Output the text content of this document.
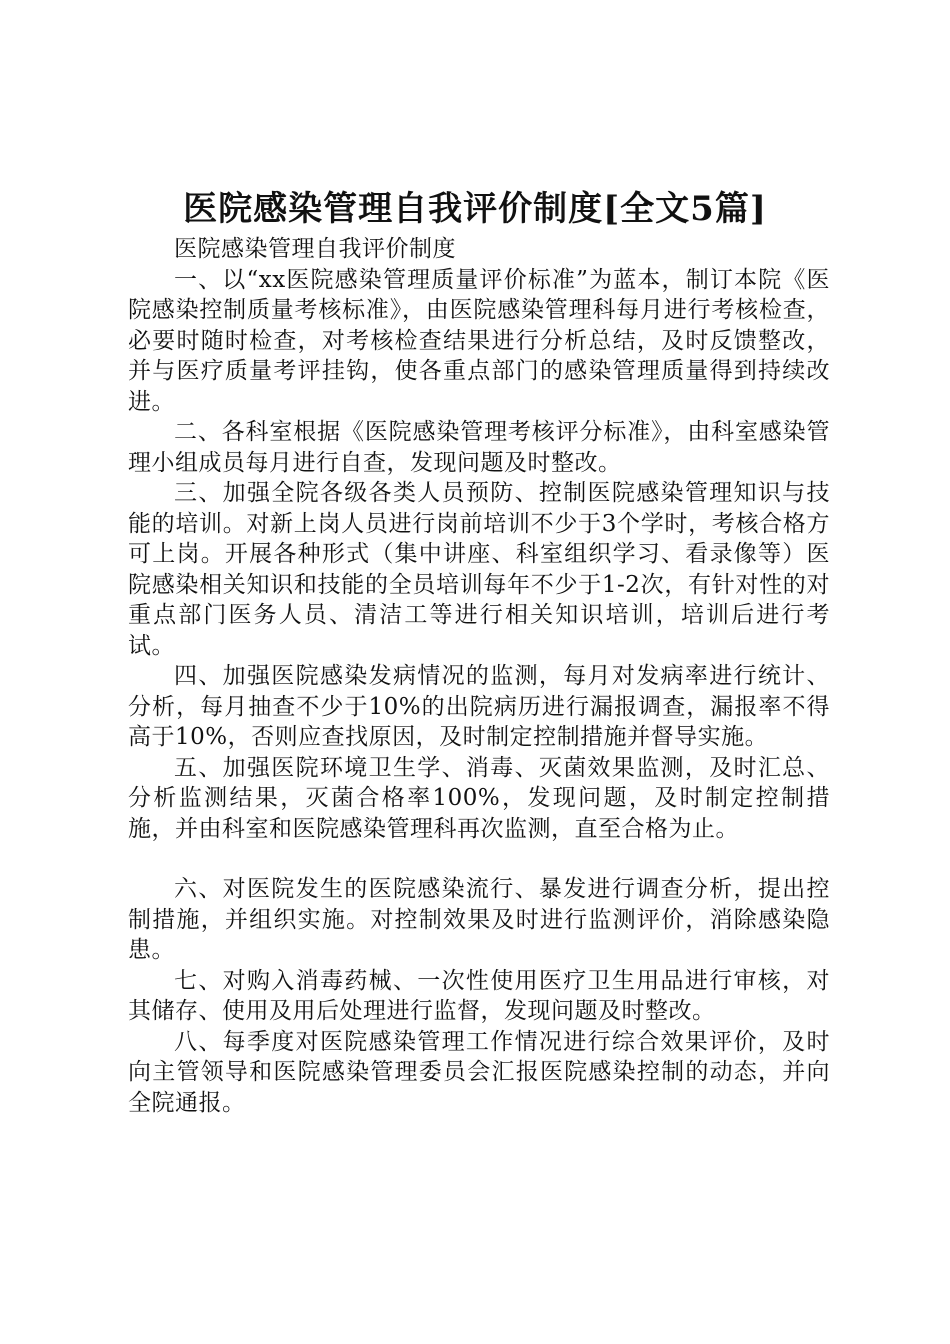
医院感染管理自我评价制度[全文5篇]

医院感染管理自我评价制度

一、以“xx医院感染管理质量评价标准”为蓝本，制订本院《医院感染控制质量考核标准》，由医院感染管理科每月进行考核检查，必要时随时检查，对考核检查结果进行分析总结，及时反馈整改，并与医疗质量考评挂钩，使各重点部门的感染管理质量得到持续改进。

二、各科室根据《医院感染管理考核评分标准》，由科室感染管理小组成员每月进行自查，发现问题及时整改。

三、加强全院各级各类人员预防、控制医院感染管理知识与技能的培训。对新上岗人员进行岗前培训不少于3个学时，考核合格方可上岗。开展各种形式（集中讲座、科室组织学习、看录像等）医院感染相关知识和技能的全员培训每年不少于1-2次，有针对性的对重点部门医务人员、清洁工等进行相关知识培训，培训后进行考试。

四、加强医院感染发病情况的监测，每月对发病率进行统计、分析，每月抽查不少于10%的出院病历进行漏报调查，漏报率不得高于10%，否则应查找原因，及时制定控制措施并督导实施。

五、加强医院环境卫生学、消毒、灭菌效果监测，及时汇总、分析监测结果，灭菌合格率100%，发现问题，及时制定控制措施，并由科室和医院感染管理科再次监测，直至合格为止。

六、对医院发生的医院感染流行、暴发进行调查分析，提出控制措施，并组织实施。对控制效果及时进行监测评价，消除感染隐患。

七、对购入消毒药械、一次性使用医疗卫生用品进行审核，对其储存、使用及用后处理进行监督，发现问题及时整改。

八、每季度对医院感染管理工作情况进行综合效果评价，及时向主管领导和医院感染管理委员会汇报医院感染控制的动态，并向全院通报。
